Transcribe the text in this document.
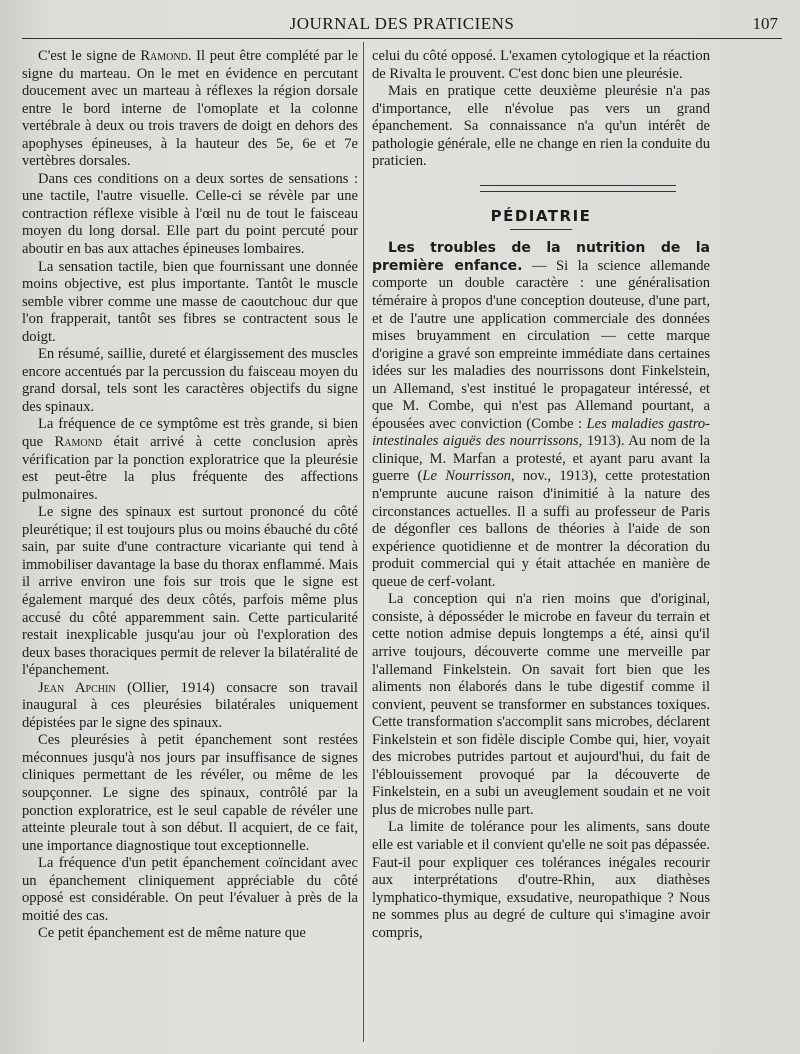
JOURNAL DES PRATICIENS	107

C'est le signe de Ramond. Il peut être complété par le signe du marteau. On le met en évidence en percutant doucement avec un marteau à réflexes la région dorsale entre le bord interne de l'omoplate et la colonne vertébrale à deux ou trois travers de doigt en dehors des apophyses épineuses, à la hauteur des 5e, 6e et 7e vertèbres dorsales.

Dans ces conditions on a deux sortes de sensations : une tactile, l'autre visuelle. Celle-ci se révèle par une contraction réflexe visible à l'œil nu de tout le faisceau moyen du long dorsal. Elle part du point percuté pour aboutir en bas aux attaches épineuses lombaires.

La sensation tactile, bien que fournissant une donnée moins objective, est plus importante. Tantôt le muscle semble vibrer comme une masse de caoutchouc dur que l'on frapperait, tantôt ses fibres se contractent sous le doigt.

En résumé, saillie, dureté et élargissement des muscles encore accentués par la percussion du faisceau moyen du grand dorsal, tels sont les caractères objectifs du signe des spinaux.

La fréquence de ce symptôme est très grande, si bien que Ramond était arrivé à cette conclusion après vérification par la ponction exploratrice que la pleurésie est peut-être la plus fréquente des affections pulmonaires.

Le signe des spinaux est surtout prononcé du côté pleurétique; il est toujours plus ou moins ébauché du côté sain, par suite d'une contracture vicariante qui tend à immobiliser davantage la base du thorax enflammé. Mais il arrive environ une fois sur trois que le signe est également marqué des deux côtés, parfois même plus accusé du côté apparemment sain. Cette particularité restait inexplicable jusqu'au jour où l'exploration des deux bases thoraciques permit de relever la bilatéralité de l'épanchement.

Jean Apchin (Ollier, 1914) consacre son travail inaugural à ces pleurésies bilatérales uniquement dépistées par le signe des spinaux.

Ces pleurésies à petit épanchement sont restées méconnues jusqu'à nos jours par insuffisance de signes cliniques permettant de les révéler, ou même de les soupçonner. Le signe des spinaux, contrôlé par la ponction exploratrice, est le seul capable de révéler une atteinte pleurale tout à son début. Il acquiert, de ce fait, une importance diagnostique tout exceptionnelle.

La fréquence d'un petit épanchement coïncidant avec un épanchement cliniquement appréciable du côté opposé est considérable. On peut l'évaluer à près de la moitié des cas.

Ce petit épanchement est de même nature que

celui du côté opposé. L'examen cytologique et la réaction de Rivalta le prouvent. C'est donc bien une pleurésie.

Mais en pratique cette deuxième pleurésie n'a pas d'importance, elle n'évolue pas vers un grand épanchement. Sa connaissance n'a qu'un intérêt de pathologie générale, elle ne change en rien la conduite du praticien.

PÉDIATRIE

Les troubles de la nutrition de la première enfance. — Si la science allemande comporte un double caractère : une généralisation téméraire à propos d'une conception douteuse, d'une part, et de l'autre une application commerciale des données mises bruyamment en circulation — cette marque d'origine a gravé son empreinte immédiate dans certaines idées sur les maladies des nourrissons dont Finkelstein, un Allemand, s'est institué le propagateur intéressé, et que M. Combe, qui n'est pas Allemand pourtant, a épousées avec conviction (Combe : Les maladies gastro-intestinales aiguës des nourrissons, 1913). Au nom de la clinique, M. Marfan a protesté, et ayant paru avant la guerre (Le Nourrisson, nov., 1913), cette protestation n'emprunte aucune raison d'inimitié à la nature des circonstances actuelles. Il a suffi au professeur de Paris de dégonfler ces ballons de théories à l'aide de son expérience quotidienne et de montrer la décoration du produit commercial qui y était attachée en manière de queue de cerf-volant.

La conception qui n'a rien moins que d'original, consiste, à déposséder le microbe en faveur du terrain et cette notion admise depuis longtemps a été, ainsi qu'il arrive toujours, découverte comme une merveille par l'allemand Finkelstein. On savait fort bien que les aliments non élaborés dans le tube digestif comme il convient, peuvent se transformer en substances toxiques. Cette transformation s'accomplit sans microbes, déclarent Finkelstein et son fidèle disciple Combe qui, hier, voyait des microbes putrides partout et aujourd'hui, du fait de l'éblouissement provoqué par la découverte de Finkelstein, en a subi un aveuglement soudain et ne voit plus de microbes nulle part.

La limite de tolérance pour les aliments, sans doute elle est variable et il convient qu'elle ne soit pas dépassée. Faut-il pour expliquer ces tolérances inégales recourir aux interprétations d'outre-Rhin, aux diathèses lymphatico-thymique, exsudative, neuropathique ? Nous ne sommes plus au degré de culture qui s'imagine avoir compris,
